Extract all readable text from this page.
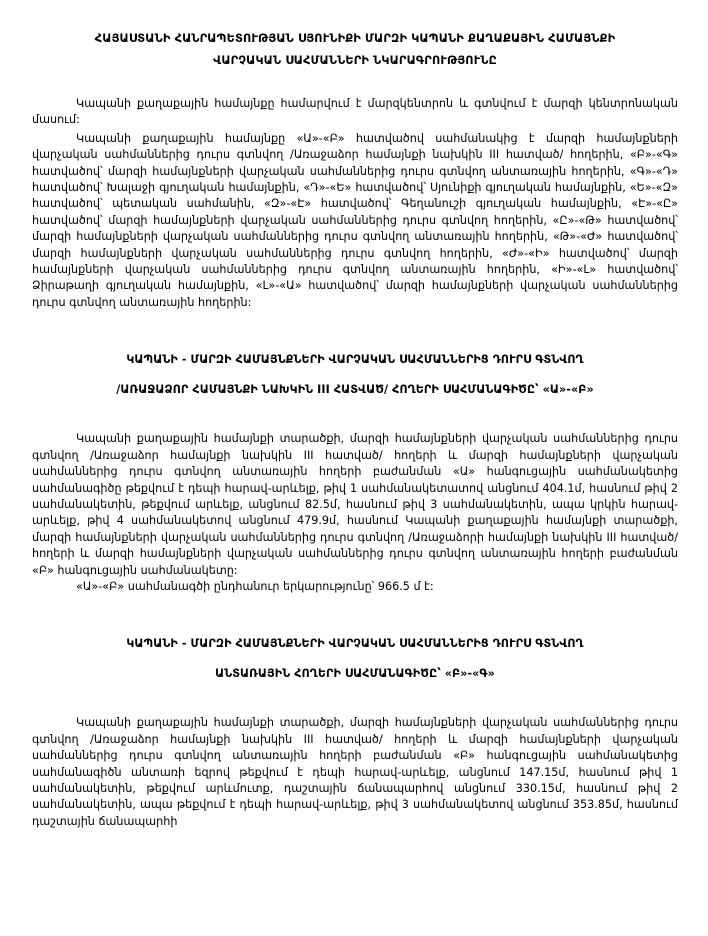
ՀԱՅԱՍՏԱՆԻ ՀԱՆՐԱՊԵՏՈՒԹՅԱՆ ՍՅՈՒՆԻՔԻ ՄԱՐԶԻ ԿԱՊԱՆԻ ՔԱՂԱՔԱՅԻՆ ՀԱՄԱՅՆՔԻ
ՎԱՐՉԱԿԱՆ ՍԱՀՄԱՆՆԵՐԻ ՆԿԱՐԱԳՐՈՒԹՅՈՒՆԸ

Կապանի քաղաքային համայնքը համարվում է մարզկենտրոն և գտնվում է մարզի կենտրոնական մասում:

Կապանի քաղաքային համայնքը «Ա»-«Բ» հատվածով սահմանակից է մարզի համայնքների վարչական սահմաններից դուրս գտնվող /Առաջաձոր համայնքի նախկին III հատված/ հողերին, «Բ»-«Գ» հատվածով՝ մարզի համայնքների վարչական սահմաններից դուրս գտնվող անտառային հողերին, «Գ»-«Դ» հատվածով՝ Խալաջի գյուղական համայնքին, «Դ»-«Ե» հատվածով՝ Սյունիքի գյուղական համայնքին, «Ե»-«Զ» հատվածով՝ պետական սահմանին, «Զ»-«Է» հատվածով՝ Գեղանուշի գյուղական համայնքին, «Է»-«Ը» հատվածով՝ մարզի համայնքների վարչական սահմաններից դուրս գտնվող հողերին, «Ը»-«Թ» հատվածով՝ մարզի համայնքների վարչական սահմաններից դուրս գտնվող անտառային հողերին, «Թ»-«Ժ» հատվածով՝ մարզի համայնքների վարչական սահմաններից դուրս գտնվող հողերին, «Ժ»-«Ի» հատվածով՝ մարզի համայնքների վարչական սահմաններից դուրս գտնվող անտառային հողերին, «Ի»-«Լ» հատվածով՝ Ձիրաթաղի գյուղական համայնքին, «Լ»-«Ա» հատվածով՝ մարզի համայնքների վարչական սահմաններից դուրս գտնվող անտառային հողերին:

ԿԱՊԱՆԻ - ՄԱՐԶԻ ՀԱՄԱՅՆՔՆԵՐԻ ՎԱՐՉԱԿԱՆ ՍԱՀՄԱՆՆԵՐԻՑ ԴՈՒՐՍ ԳՏՆՎՈՂ
/ԱՌԱՋԱՁՈՐ ՀԱՄԱՅՆՔԻ ՆԱԽԿԻՆ III ՀԱՏՎԱԾ/ ՀՈՂԵՐԻ ՍԱՀՄԱՆԱԳԻԾԸ՝ «Ա»-«Բ»

Կապանի քաղաքային համայնքի տարածքի, մարզի համայնքների վարչական սահմաններից դուրս գտնվող /Առաջաձոր համայնքի նախկին III հատված/ հողերի և մարզի համայնքների վարչական սահմաններից դուրս գտնվող անտառային հողերի բաժանման «Ա» հանգուցային սահմանակետից սահմանագիծը թեքվում է դեպի հարավ-արևելք, թիվ 1 սահմանակետատով անցնում 404.1մ, հասնում թիվ 2 սահմանակետին, թեքվում արևելք, անցնում 82.5մ, հասնում թիվ 3 սահմանակետին, ապա կրկին հարավ-արևելք, թիվ 4 սահմանակետով անցնում 479.9մ, հասնում Կապանի քաղաքային համայնքի տարածքի, մարզի համայնքների վարչական սահմաններից դուրս գտնվող /Առաջաձորի համայնքի նախկին III հատված/ հողերի և մարզի համայնքների վարչական սահմաններից դուրս գտնվող անտառային հողերի բաժանման «Բ» հանգուցային սահմանակետը:

«Ա»-«Բ» սահմանագծի ընդհանուր երկարությունը՝ 966.5 մ է:

ԿԱՊԱՆԻ - ՄԱՐԶԻ ՀԱՄԱՅՆՔՆԵՐԻ ՎԱՐՉԱԿԱՆ ՍԱՀՄԱՆՆԵՐԻՑ ԴՈՒՐՍ ԳՏՆՎՈՂ
ԱՆՏԱՌԱՅԻՆ ՀՈՂԵՐԻ ՍԱՀՄԱՆԱԳԻԾԸ՝ «Բ»-«Գ»

Կապանի քաղաքային համայնքի տարածքի, մարզի համայնքների վարչական սահմաններից դուրս գտնվող /Առաջաձոր համայնքի նախկին III հատված/ հողերի և մարզի համայնքների վարչական սահմաններից դուրս գտնվող անտառային հողերի բաժանման «Բ» հանգուցային սահմանակետից սահմանագիծն անտառի եզրով թեքվում է դեպի հարավ-արևելք, անցնում 147.15մ, հասնում թիվ 1 սահմանակետին, թեքվում արևմուտք, դաշտային ճանապարհով անցնում 330.15մ, հասնում թիվ 2 սահմանակետին, ապա թեքվում է դեպի հարավ-արևելք, թիվ 3 սահմանակետով անցնում 353.85մ, հասնում դաշտային ճանապարհի
